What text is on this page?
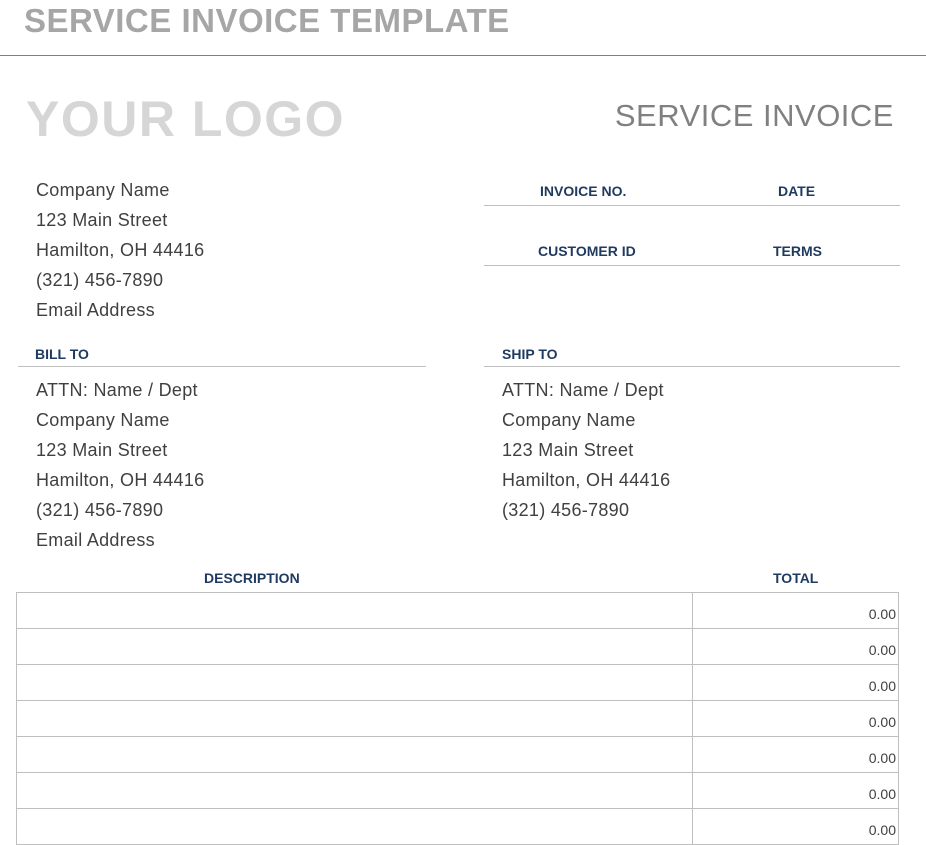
SERVICE INVOICE TEMPLATE
YOUR LOGO	SERVICE INVOICE
Company Name
123 Main Street
Hamilton, OH 44416
(321) 456-7890
Email Address
INVOICE NO.	DATE
CUSTOMER ID	TERMS
BILL TO
ATTN: Name / Dept
Company Name
123 Main Street
Hamilton, OH 44416
(321) 456-7890
Email Address
SHIP TO
ATTN: Name / Dept
Company Name
123 Main Street
Hamilton, OH 44416
(321) 456-7890
DESCRIPTION	TOTAL
	0.00
	0.00
	0.00
	0.00
	0.00
	0.00
	0.00
